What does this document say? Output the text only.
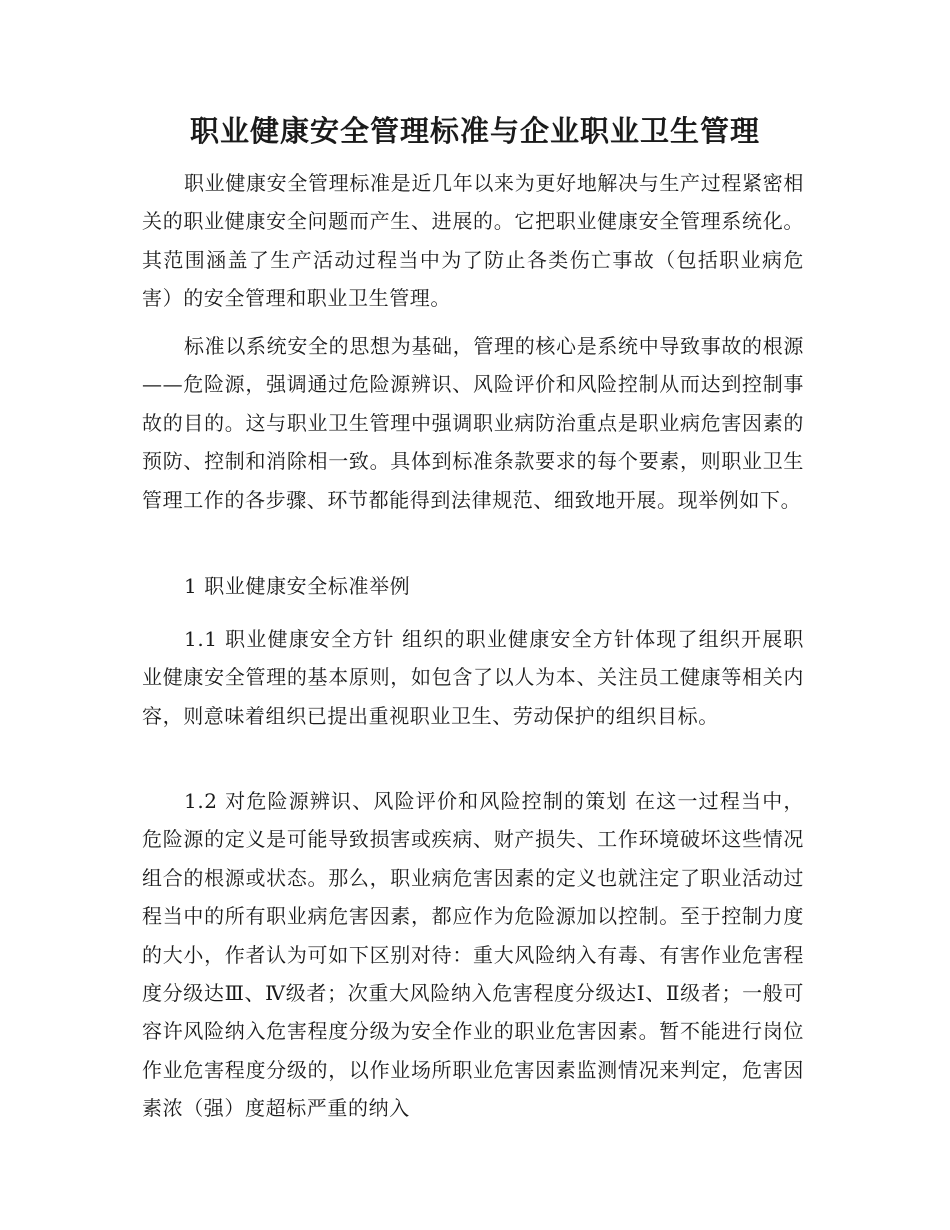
职业健康安全管理标准与企业职业卫生管理

职业健康安全管理标准是近几年以来为更好地解决与生产过程紧密相关的职业健康安全问题而产生、进展的。它把职业健康安全管理系统化。其范围涵盖了生产活动过程当中为了防止各类伤亡事故（包括职业病危害）的安全管理和职业卫生管理。

标准以系统安全的思想为基础，管理的核心是系统中导致事故的根源——危险源，强调通过危险源辨识、风险评价和风险控制从而达到控制事故的目的。这与职业卫生管理中强调职业病防治重点是职业病危害因素的预防、控制和消除相一致。具体到标准条款要求的每个要素，则职业卫生管理工作的各步骤、环节都能得到法律规范、细致地开展。现举例如下。

1 职业健康安全标准举例

1.1 职业健康安全方针 组织的职业健康安全方针体现了组织开展职业健康安全管理的基本原则，如包含了以人为本、关注员工健康等相关内容，则意味着组织已提出重视职业卫生、劳动保护的组织目标。

1.2 对危险源辨识、风险评价和风险控制的策划 在这一过程当中，危险源的定义是可能导致损害或疾病、财产损失、工作环境破坏这些情况组合的根源或状态。那么，职业病危害因素的定义也就注定了职业活动过程当中的所有职业病危害因素，都应作为危险源加以控制。至于控制力度的大小，作者认为可如下区别对待：重大风险纳入有毒、有害作业危害程度分级达Ⅲ、Ⅳ级者；次重大风险纳入危害程度分级达Ⅰ、Ⅱ级者；一般可容许风险纳入危害程度分级为安全作业的职业危害因素。暂不能进行岗位作业危害程度分级的，以作业场所职业危害因素监测情况来判定，危害因素浓（强）度超标严重的纳入
